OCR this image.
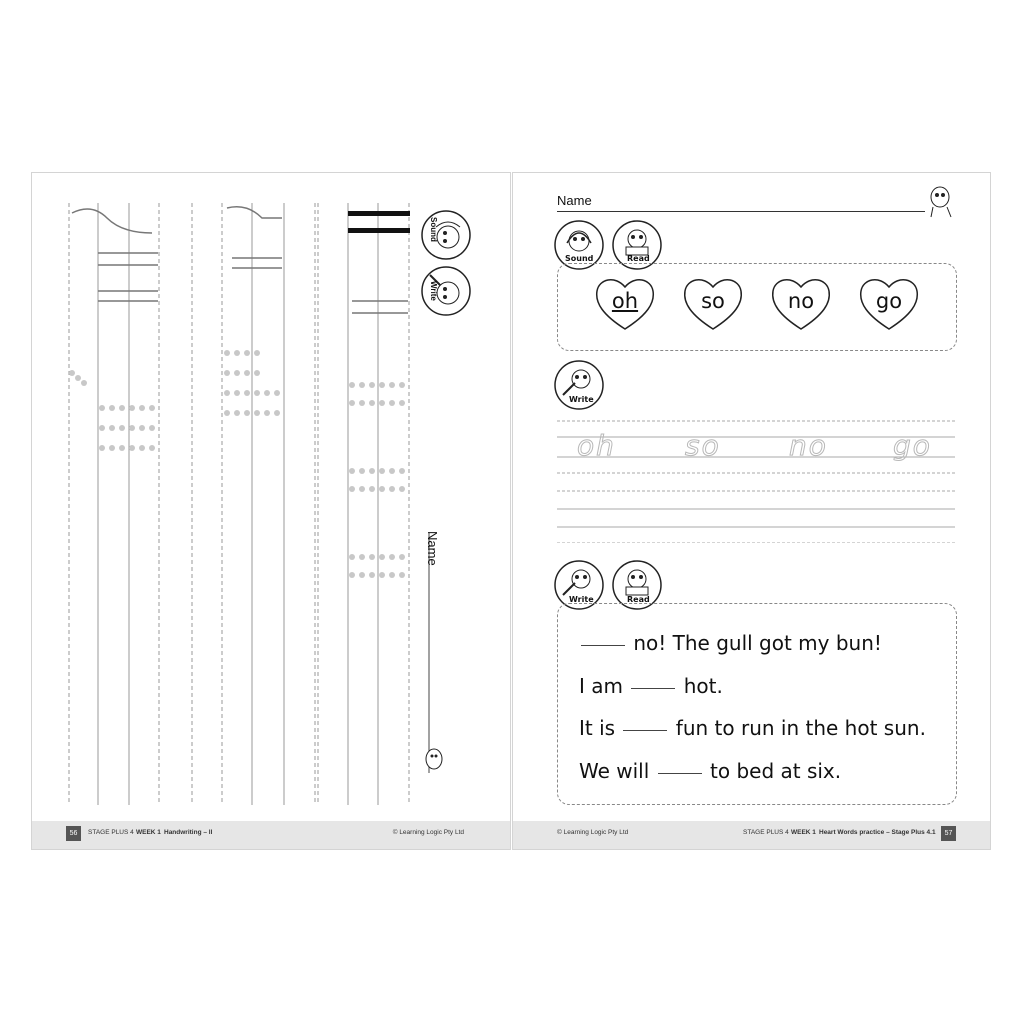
Sound
Write
Name
56	STAGE PLUS 4 WEEK 1 Handwriting – ll	© Learning Logic Pty Ltd
Name
Sound	Read
oh	so	no	go
Write
oh so no go
Write	Read
no! The gull got my bun!
I am	hot.
It is	fun to run in the hot sun.
We will	to bed at six.
© Learning Logic Pty Ltd	STAGE PLUS 4 WEEK 1 Heart Words practice – Stage Plus 4.1	57
